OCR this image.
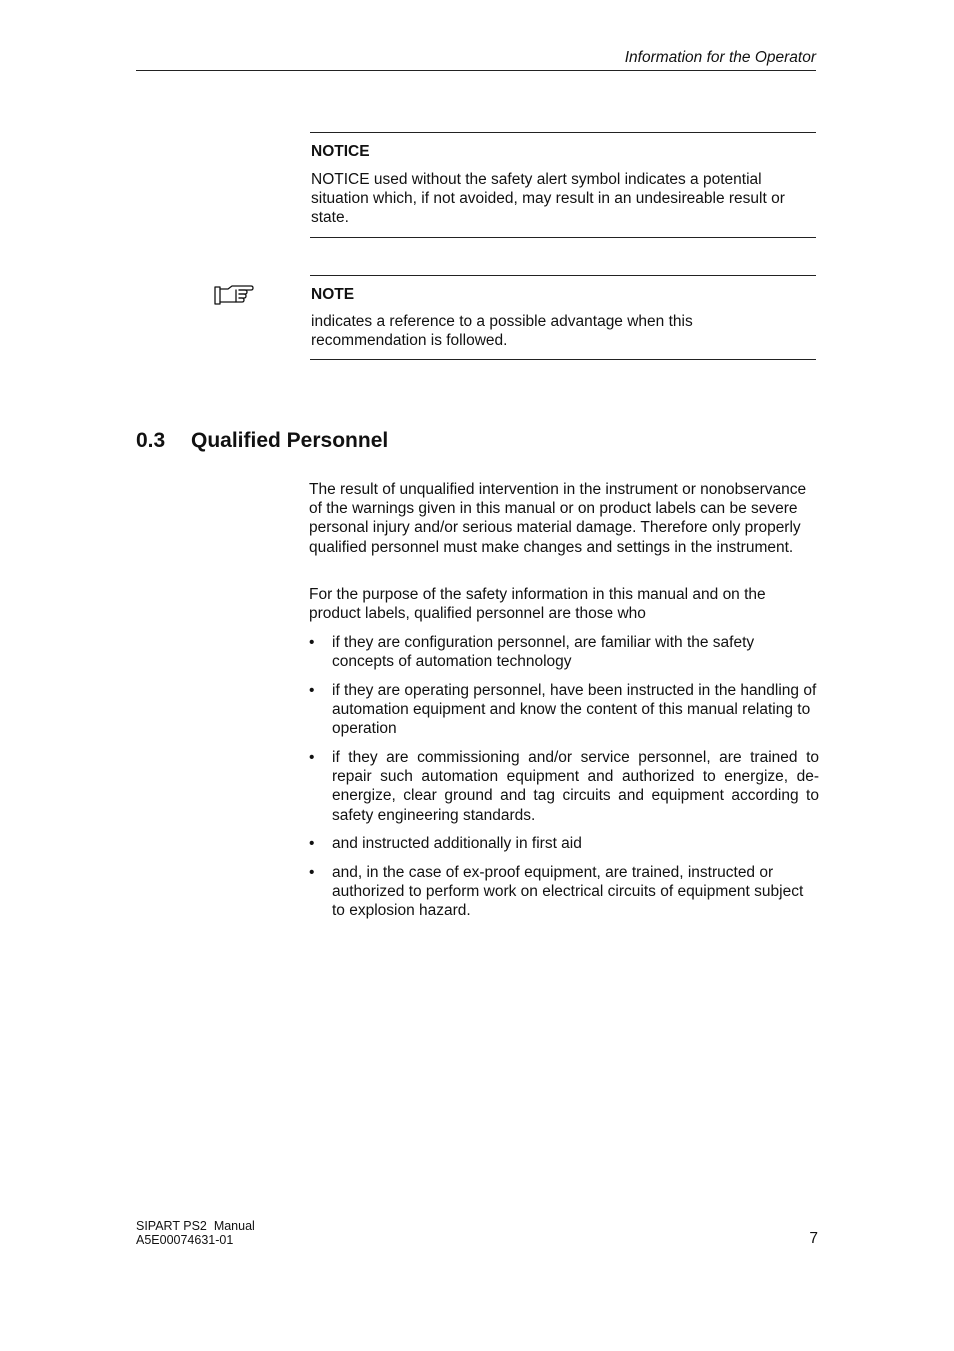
Information for the Operator
NOTICE
NOTICE used without the safety alert symbol indicates a potential situation which, if not avoided, may result in an undesireable result or state.
NOTE
indicates a reference to a possible advantage when this recommendation is followed.
0.3 Qualified Personnel
The result of unqualified intervention in the instrument or nonobservance of the warnings given in this manual or on product labels can be severe personal injury and/or serious material damage. Therefore only properly qualified personnel must make changes and settings in the instrument.
For the purpose of the safety information in this manual and on the product labels, qualified personnel are those who
• if they are configuration personnel, are familiar with the safety concepts of automation technology
• if they are operating personnel, have been instructed in the handling of automation equipment and know the content of this manual relating to operation
• if they are commissioning and/or service personnel, are trained to repair such automation equipment and authorized to energize, de-energize, clear ground and tag circuits and equipment according to safety engineering standards.
• and instructed additionally in first aid
• and, in the case of ex-proof equipment, are trained, instructed or authorized to perform work on electrical circuits of equipment subject to explosion hazard.
SIPART PS2  Manual
A5E00074631-01	7
